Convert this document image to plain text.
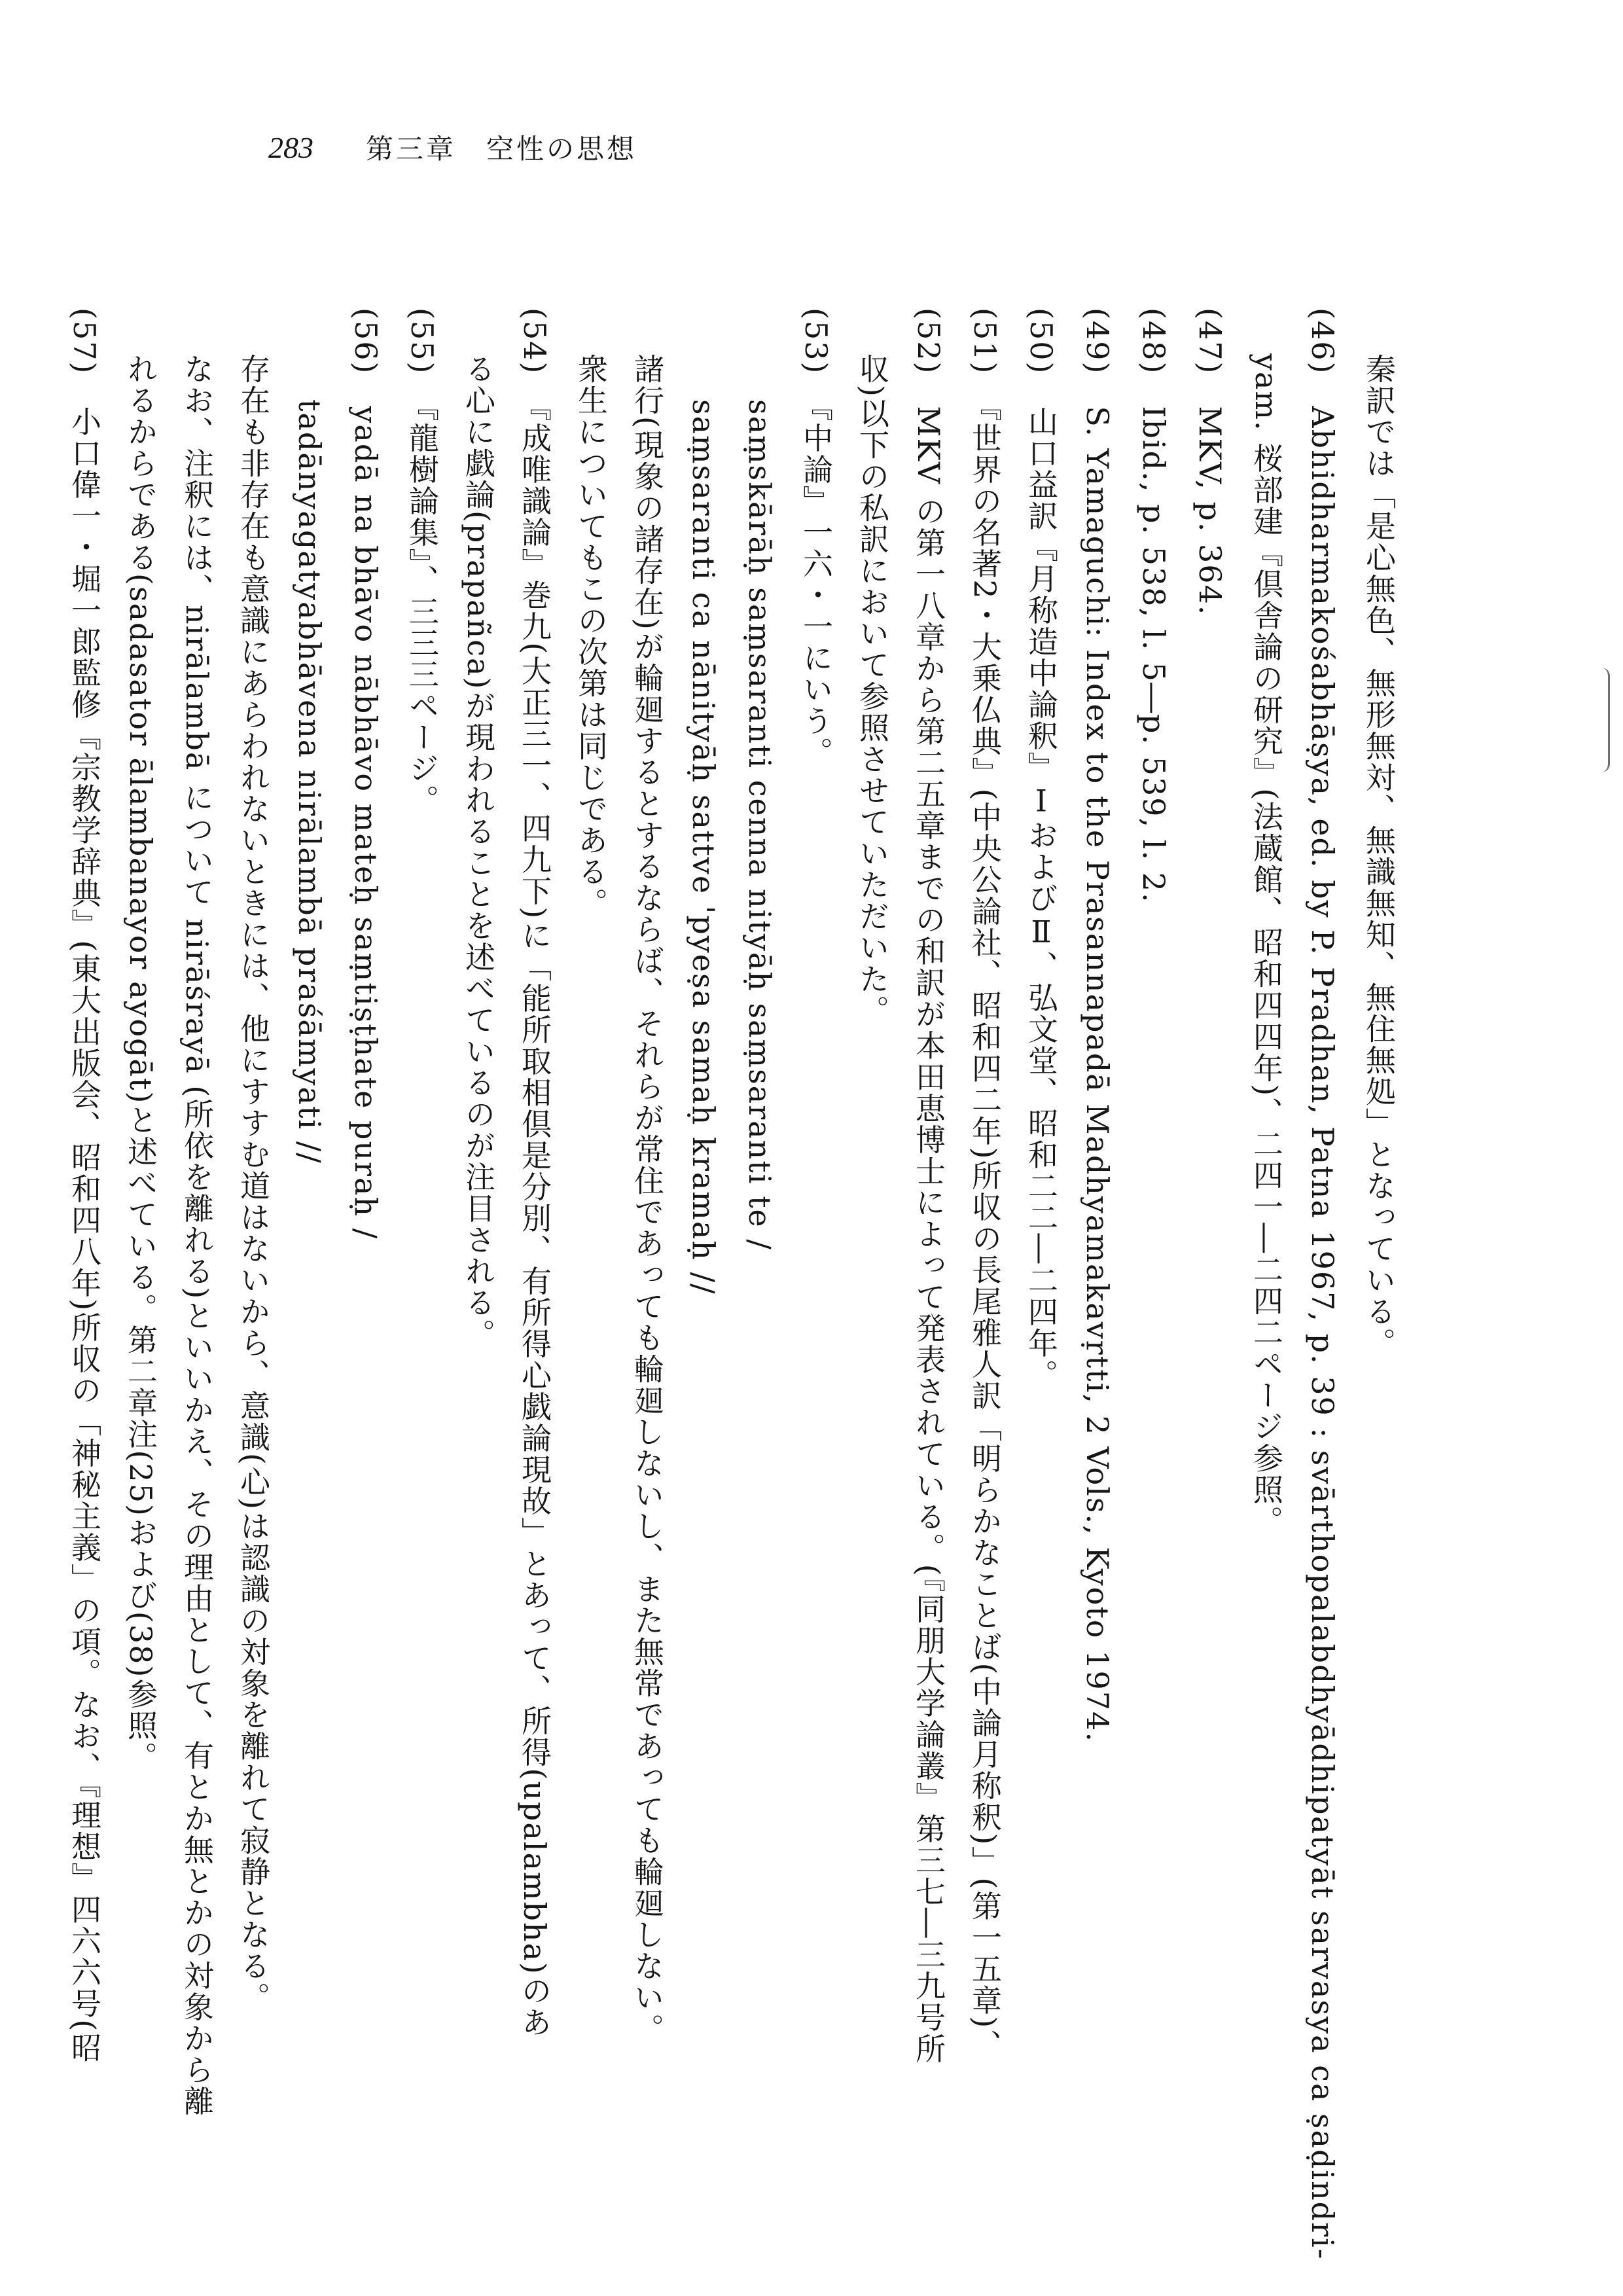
283 第三章　空性の思想
秦訳では「是心無色、無形無対、無識無知、無住無処」となっている。
(46)　Abhidharmakośabhāṣya, ed. by P. Pradhan, Patna 1967, p. 39 : svārthopalabdhyādhipatyāt sarvasya ca ṣaḍindri-
yam. 桜部建『倶舎論の研究』(法蔵館、昭和四四年)、二四一―二四二ページ参照。
(47)　MKV, p. 364.
(48)　Ibid., p. 538, l. 5―p. 539, l. 2.
(49)　S. Yamaguchi: Index to the Prasannapadā Madhyamakavṛtti, 2 Vols., Kyoto 1974.
(50)　山口益訳『月称造中論釈』ⅠおよびⅡ、弘文堂、昭和二二―二四年。
(51)　『世界の名著2・大乗仏典』(中央公論社、昭和四二年)所収の長尾雅人訳「明らかなことば(中論月称釈)」(第一五章)、
(52)　MKV の第一八章から第二五章までの和訳が本田恵博士によって発表されている。(『同朋大学論叢』第三七―三九号所
収)以下の私訳において参照させていただいた。
(53)　『中論』一六・一にいう。
saṃskārāḥ saṃsaranti cenna nityāḥ saṃsaranti te /
saṃsaranti ca nānityāḥ sattve 'pyeṣa samaḥ kramaḥ //
諸行(現象の諸存在)が輪廻するとするならば、それらが常住であっても輪廻しないし、また無常であっても輪廻しない。
衆生についてもこの次第は同じである。
(54)　『成唯識論』巻九(大正三一、四九下)に「能所取相倶是分別、有所得心戯論現故」とあって、所得(upalambha)のあ
る心に戯論(prapañca)が現われることを述べているのが注目される。
(55)　『龍樹論集』、三三三ページ。
(56)　yadā na bhāvo nābhāvo mateḥ saṃtiṣṭhate puraḥ /
tadānyagatyabhāvena nirālambā praśāmyati //
存在も非存在も意識にあらわれないときには、他にすすむ道はないから、意識(心)は認識の対象を離れて寂静となる。
なお、注釈には、nirālambā について nirāśrayā (所依を離れる)といいかえ、その理由として、有とか無とかの対象から離
れるからである(sadasator ālambanayor ayogāt)と述べている。第二章注(25)および(38)参照。
(57)　小口偉一・堀一郎監修『宗教学辞典』(東大出版会、昭和四八年)所収の「神秘主義」の項。なお、『理想』四六六号(昭
